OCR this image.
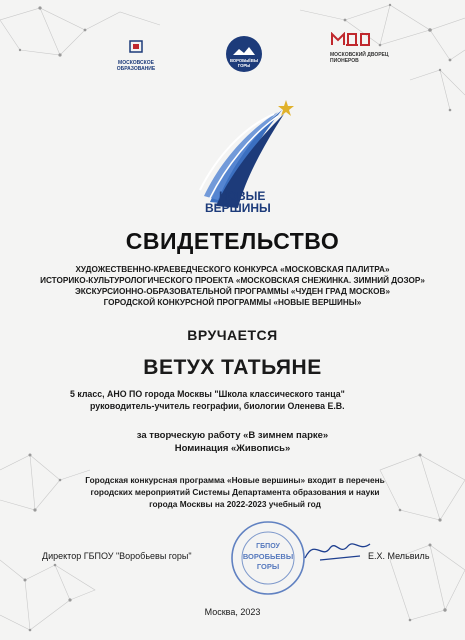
МОСКОВСКОЕ ОБРАЗОВАНИЕ
ВОРОБЬЁВЫ
ГОРЫ
МОСКОВСКИЙ ДВОРЕЦ ПИОНЕРОВ
НОВЫЕ
ВЕРШИНЫ
СВИДЕТЕЛЬСТВО
ХУДОЖЕСТВЕННО-КРАЕВЕДЧЕСКОГО КОНКУРСА «МОСКОВСКАЯ ПАЛИТРА»
ИСТОРИКО-КУЛЬТУРОЛОГИЧЕСКОГО ПРОЕКТА «МОСКОВСКАЯ СНЕЖИНКА. ЗИМНИЙ ДОЗОР»
ЭКСКУРСИОННО-ОБРАЗОВАТЕЛЬНОЙ ПРОГРАММЫ «ЧУДЕН ГРАД МОСКОВ»
ГОРОДСКОЙ КОНКУРСНОЙ ПРОГРАММЫ «НОВЫЕ ВЕРШИНЫ»
ВРУЧАЕТСЯ
ВЕТУХ ТАТЬЯНЕ
5 класс, АНО ПО города Москвы "Школа классического танца"
руководитель-учитель географии, биологии Оленева Е.В.
за творческую работу «В зимнем парке»
Номинация «Живопись»
Городская конкурсная программа «Новые вершины» входит в перечень
городских мероприятий Системы Департамента образования и науки
города Москвы на 2022-2023 учебный год
ГБПОУ
ВОРОБЬЕВЫ
ГОРЫ
Директор ГБПОУ "Воробьевы горы"	Е.Х. Мельвиль
Москва, 2023
